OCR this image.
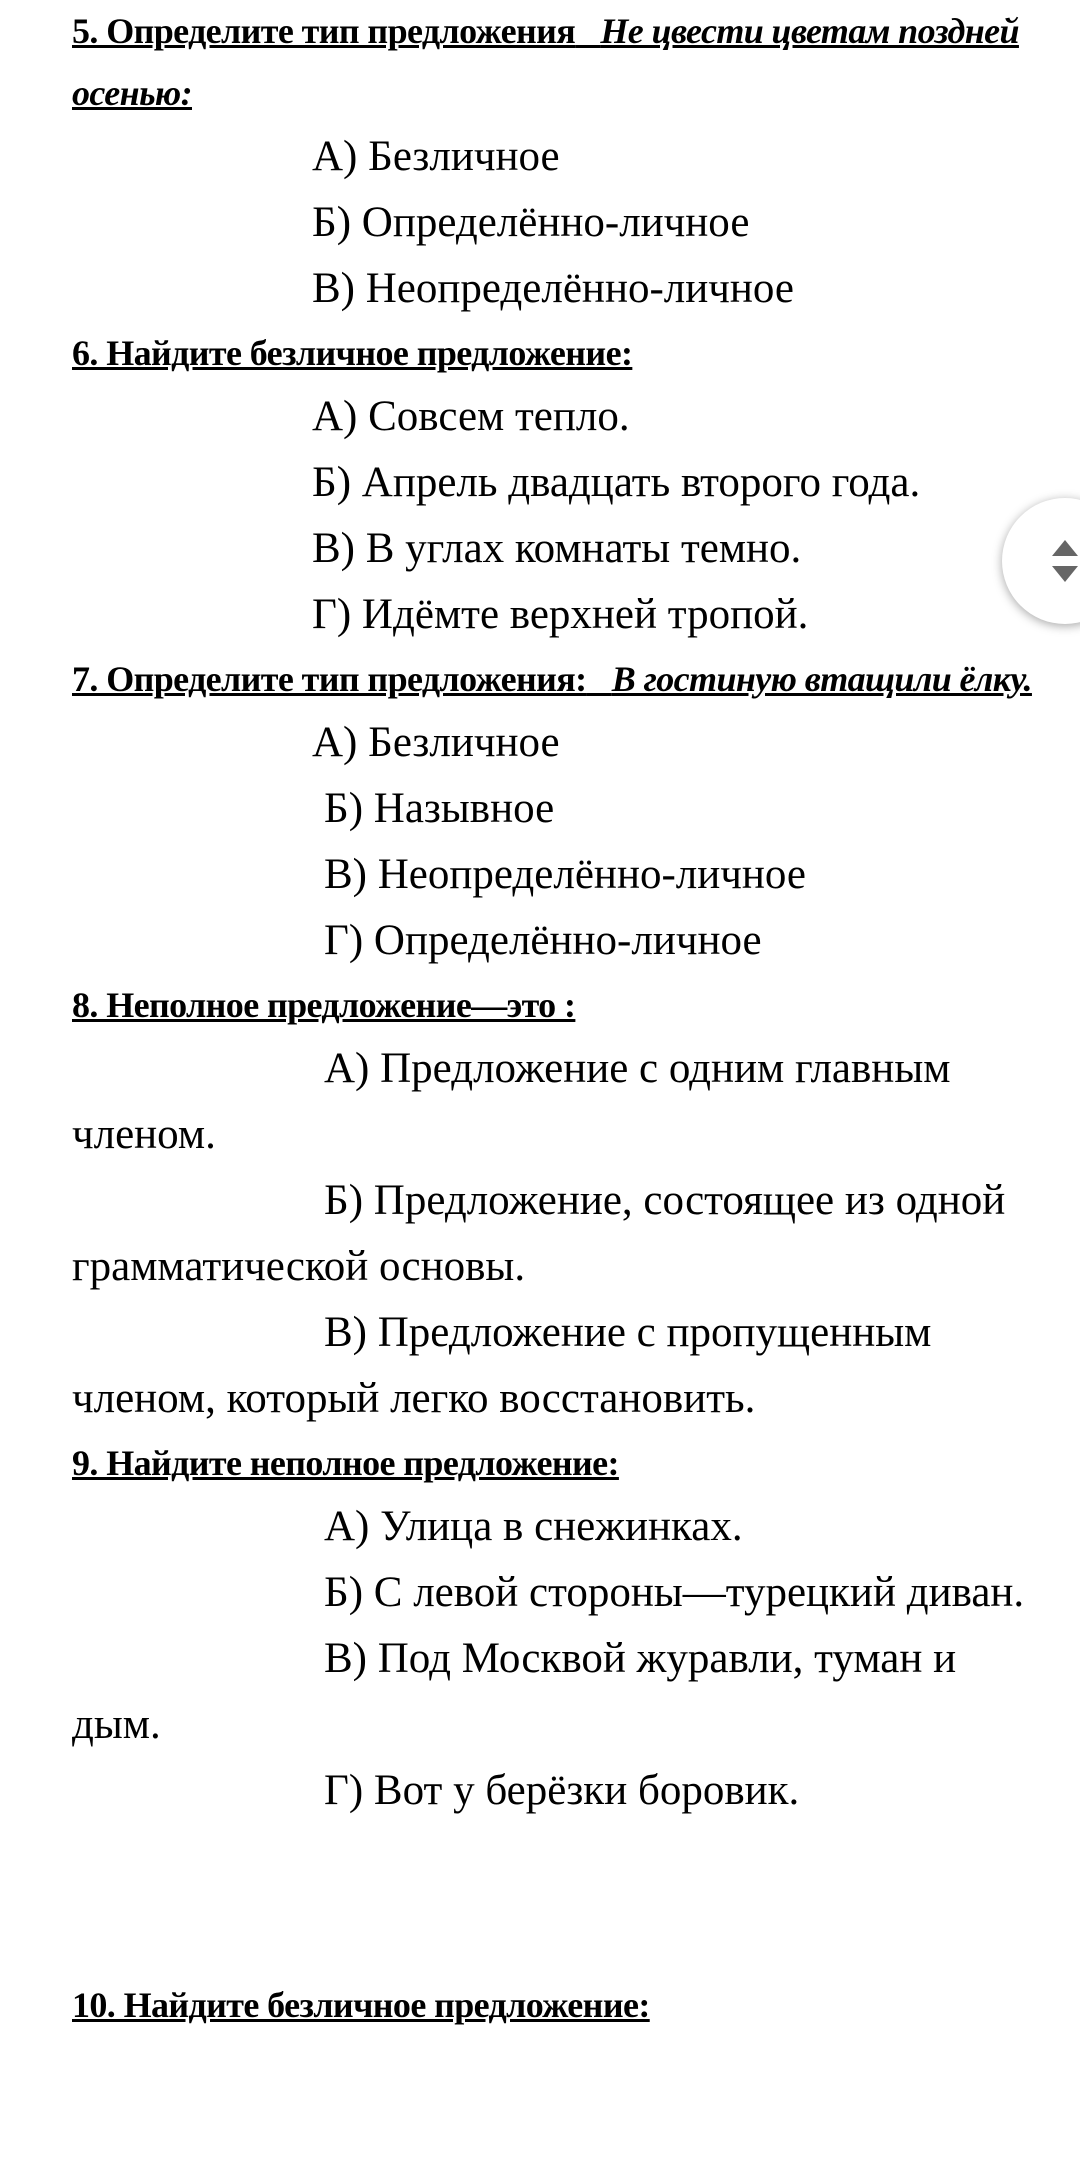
5. Определите тип предложения Не цвести цветам поздней осенью:

А) Безличное

Б) Определённо-личное

В) Неопределённо-личное

6. Найдите безличное предложение:

А) Совсем тепло.

Б) Апрель двадцать второго года.

В) В углах комнаты темно.

Г) Идёмте верхней тропой.

7. Определите тип предложения: В гостиную втащили ёлку.

А) Безличное

Б) Назывное

В) Неопределённо-личное

Г) Определённо-личное

8. Неполное предложение—это :

А) Предложение с одним главным членом.

Б) Предложение, состоящее из одной грамматической основы.

В) Предложение с пропущенным членом, который легко восстановить.

9. Найдите неполное предложение:

А) Улица в снежинках.

Б) С левой стороны—турецкий диван.

В) Под Москвой журавли, туман и дым.

Г) Вот у берёзки боровик.

10. Найдите безличное предложение:
